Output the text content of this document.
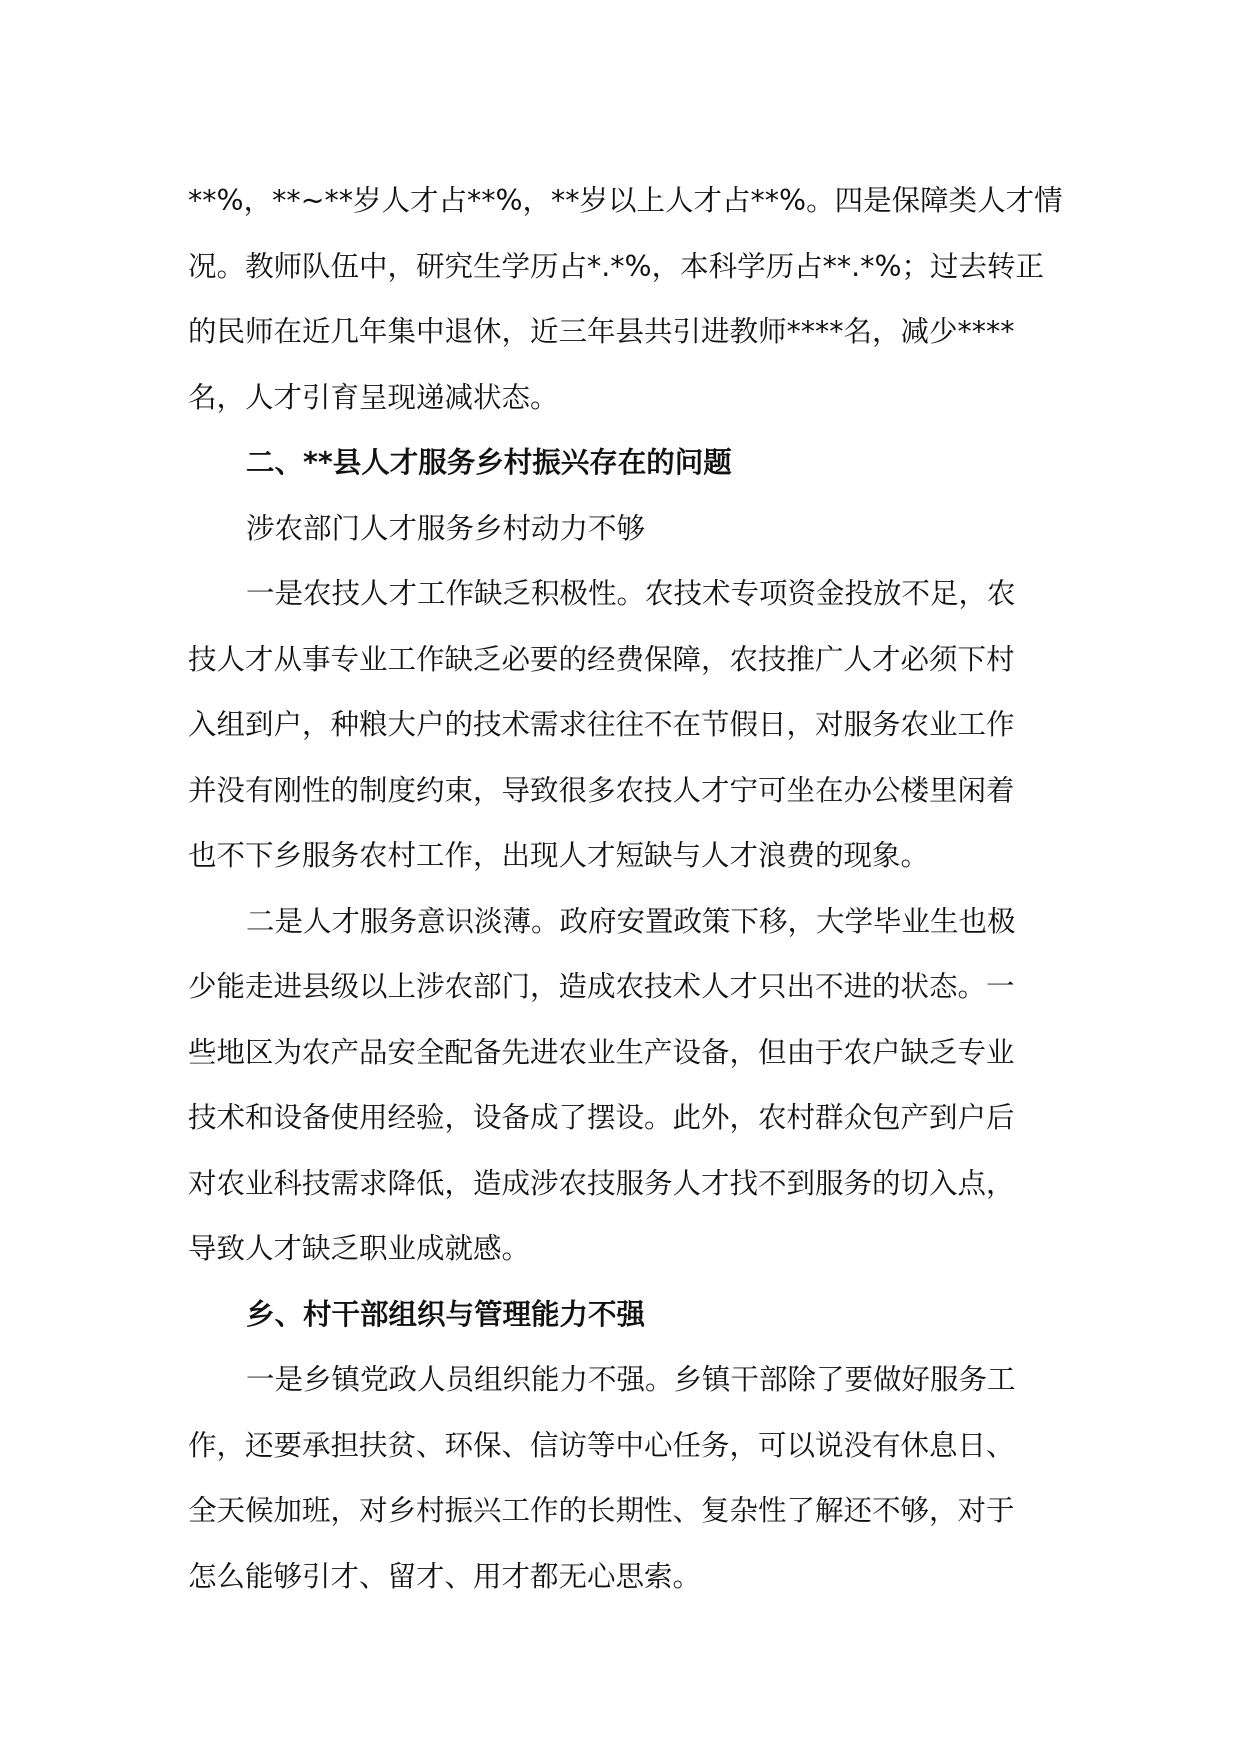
**%，**~**岁人才占**%，**岁以上人才占**%。四是保障类人才情
况。教师队伍中，研究生学历占*.*%，本科学历占**.*%；过去转正
的民师在近几年集中退休，近三年县共引进教师****名，减少****
名，人才引育呈现递减状态。
二、**县人才服务乡村振兴存在的问题
涉农部门人才服务乡村动力不够
一是农技人才工作缺乏积极性。农技术专项资金投放不足，农
技人才从事专业工作缺乏必要的经费保障，农技推广人才必须下村
入组到户，种粮大户的技术需求往往不在节假日，对服务农业工作
并没有刚性的制度约束，导致很多农技人才宁可坐在办公楼里闲着
也不下乡服务农村工作，出现人才短缺与人才浪费的现象。
二是人才服务意识淡薄。政府安置政策下移，大学毕业生也极
少能走进县级以上涉农部门，造成农技术人才只出不进的状态。一
些地区为农产品安全配备先进农业生产设备，但由于农户缺乏专业
技术和设备使用经验，设备成了摆设。此外，农村群众包产到户后
对农业科技需求降低，造成涉农技服务人才找不到服务的切入点，
导致人才缺乏职业成就感。
乡、村干部组织与管理能力不强
一是乡镇党政人员组织能力不强。乡镇干部除了要做好服务工
作，还要承担扶贫、环保、信访等中心任务，可以说没有休息日、
全天候加班，对乡村振兴工作的长期性、复杂性了解还不够，对于
怎么能够引才、留才、用才都无心思索。
